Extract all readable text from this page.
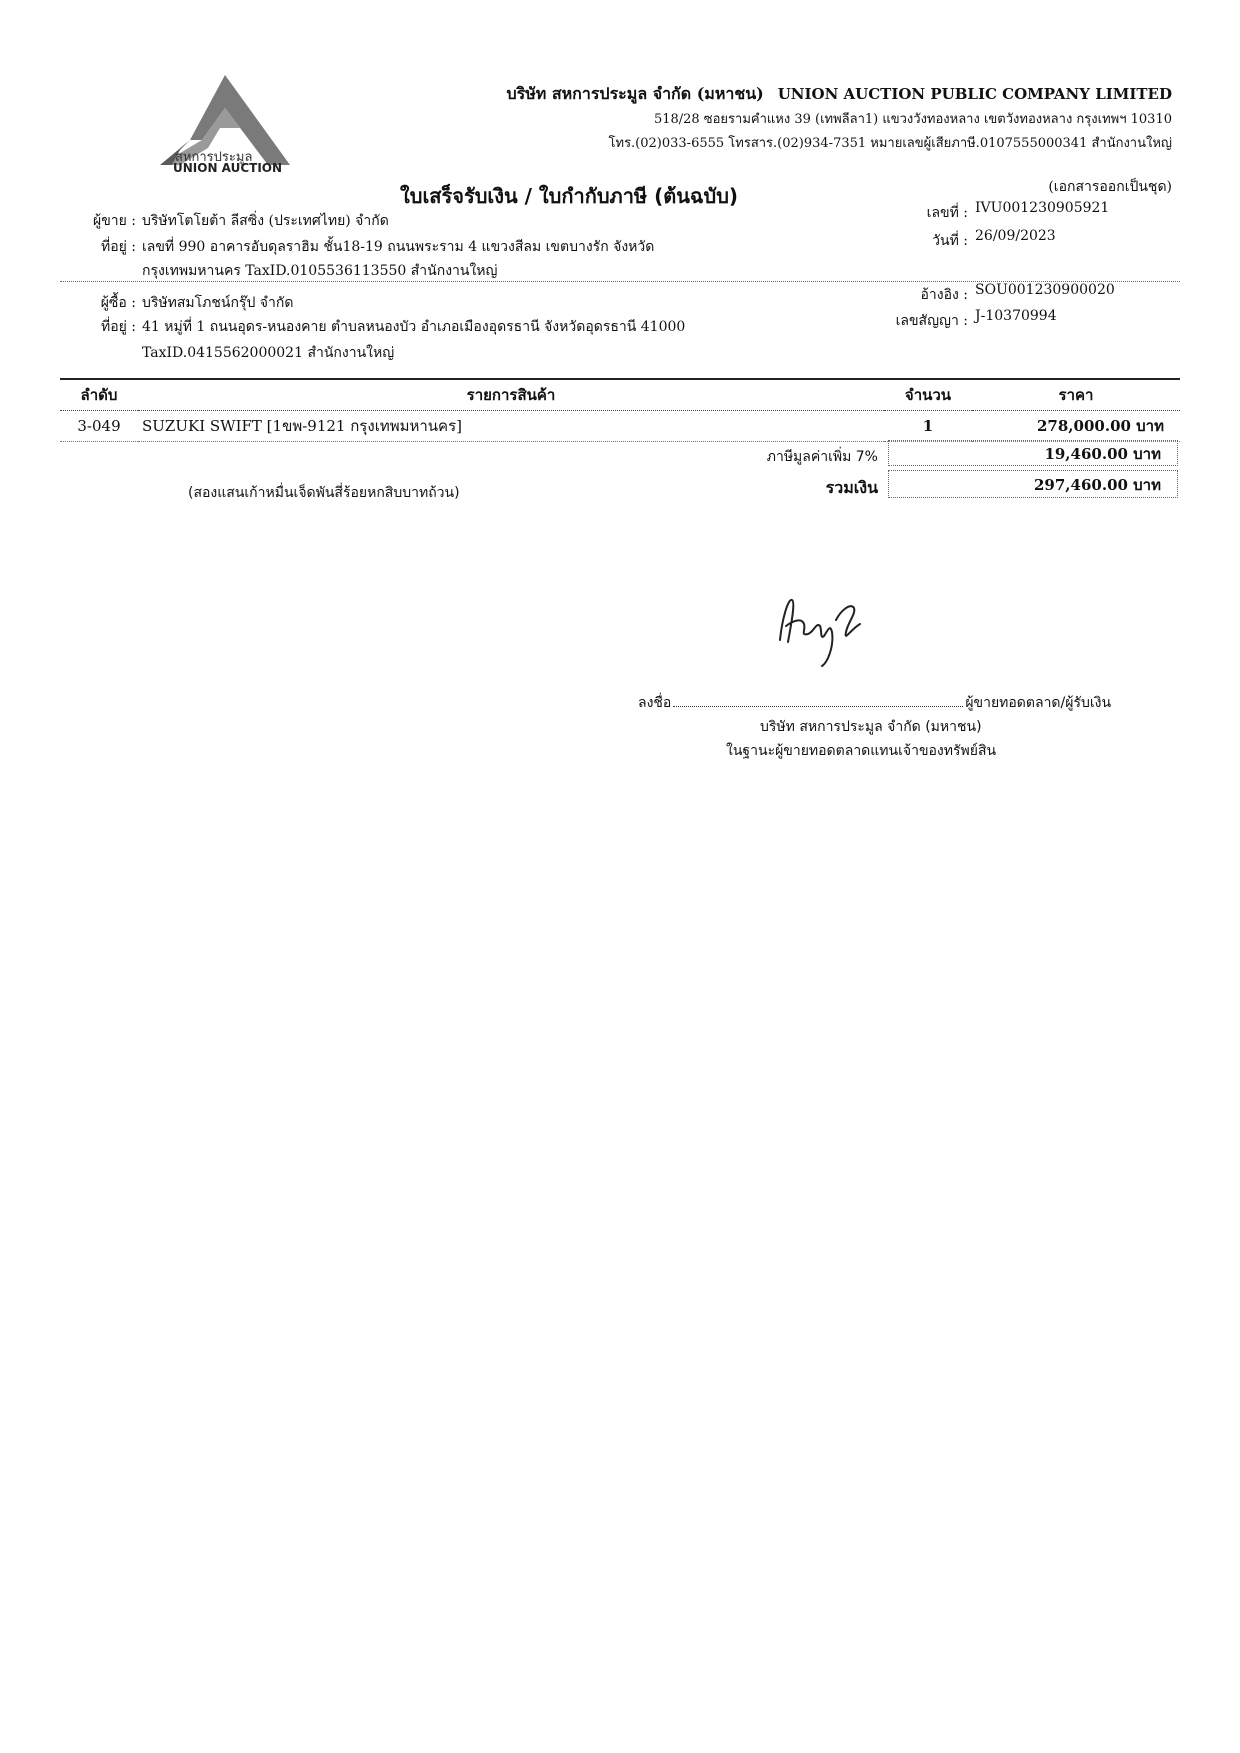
สหการประมูล
UNION AUCTION
บริษัท สหการประมูล จำกัด (มหาชน) UNION AUCTION PUBLIC COMPANY LIMITED
518/28 ซอยรามคำแหง 39 (เทพลีลา1) แขวงวังทองหลาง เขตวังทองหลาง กรุงเทพฯ 10310
โทร.(02)033-6555 โทรสาร.(02)934-7351 หมายเลขผู้เสียภาษี.0107555000341 สำนักงานใหญ่
ใบเสร็จรับเงิน / ใบกำกับภาษี (ต้นฉบับ)	(เอกสารออกเป็นชุด)
เลขที่ : IVU001230905921
วันที่ : 26/09/2023
อ้างอิง : SOU001230900020
เลขสัญญา : J-10370994
ผู้ขาย : บริษัทโตโยต้า ลีสซิ่ง (ประเทศไทย) จำกัด
ที่อยู่ : เลขที่ 990 อาคารอับดุลราฮิม ชั้น18-19 ถนนพระราม 4 แขวงสีลม เขตบางรัก จังหวัด
กรุงเทพมหานคร TaxID.0105536113550 สำนักงานใหญ่
ผู้ซื้อ : บริษัทสมโภชน์กรุ๊ป จำกัด
ที่อยู่ : 41 หมู่ที่ 1 ถนนอุดร-หนองคาย ตำบลหนองบัว อำเภอเมืองอุดรธานี จังหวัดอุดรธานี 41000
TaxID.0415562000021 สำนักงานใหญ่
ลำดับ	รายการสินค้า	จำนวน	ราคา
3-049	SUZUKI SWIFT [1ขพ-9121 กรุงเทพมหานคร]	1	278,000.00 บาท
ภาษีมูลค่าเพิ่ม 7%	19,460.00 บาท
(สองแสนเก้าหมื่นเจ็ดพันสี่ร้อยหกสิบบาทถ้วน)	รวมเงิน	297,460.00 บาท
ลงชื่อ	ผู้ขายทอดตลาด/ผู้รับเงิน
บริษัท สหการประมูล จำกัด (มหาชน)
ในฐานะผู้ขายทอดตลาดแทนเจ้าของทรัพย์สิน
